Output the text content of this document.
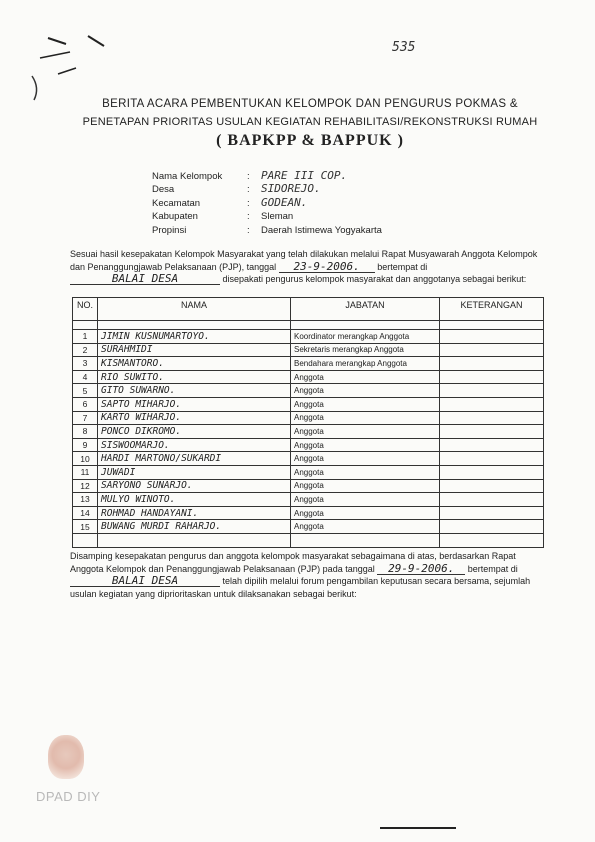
535
BERITA ACARA PEMBENTUKAN KELOMPOK DAN PENGURUS POKMAS &
PENETAPAN PRIORITAS USULAN KEGIATAN REHABILITASI/REKONSTRUKSI RUMAH
( BAPKPP & BAPPUK )
Nama Kelompok	:	PARE III COP.
Desa	:	SIDOREJO.
Kecamatan	:	GODEAN.
Kabupaten	:	Sleman
Propinsi	:	Daerah Istimewa Yogyakarta
Sesuai hasil kesepakatan Kelompok Masyarakat yang telah dilakukan melalui Rapat Musyawarah Anggota Kelompok dan Penanggungjawab Pelaksanaan (PJP), tanggal 23-9-2006. bertempat di BALAI DESA	disepakati pengurus kelompok masyarakat dan anggotanya sebagai berikut:
NO.	NAMA	JABATAN	KETERANGAN

1	JIMIN KUSNUMARTOYO.	Koordinator merangkap Anggota	
2	SURAHMIDI	Sekretaris merangkap Anggota	
3	KISMANTORO.	Bendahara merangkap Anggota	
4	RIO SUWITO.	Anggota	
5	GITO SUWARNO.	Anggota	
6	SAPTO MIHARJO.	Anggota	
7	KARTO WIHARJO.	Anggota	
8	PONCO DIKROMO.	Anggota	
9	SISWOOMARJO.	Anggota	
10	HARDI MARTONO/SUKARDI	Anggota	
11	JUWADI	Anggota	
12	SARYONO SUNARJO.	Anggota	
13	MULYO WINOTO.	Anggota	
14	ROHMAD HANDAYANI.	Anggota	
15	BUWANG MURDI RAHARJO.	Anggota	

Disamping kesepakatan pengurus dan anggota kelompok masyarakat sebagaimana di atas, berdasarkan Rapat Anggota Kelompok dan Penanggungjawab Pelaksanaan (PJP) pada tanggal 29-9-2006. bertempat di BALAI DESA	telah dipilih melalui forum pengambilan keputusan secara bersama, sejumlah usulan kegiatan yang diprioritaskan untuk dilaksanakan sebagai berikut:
DPAD DIY
